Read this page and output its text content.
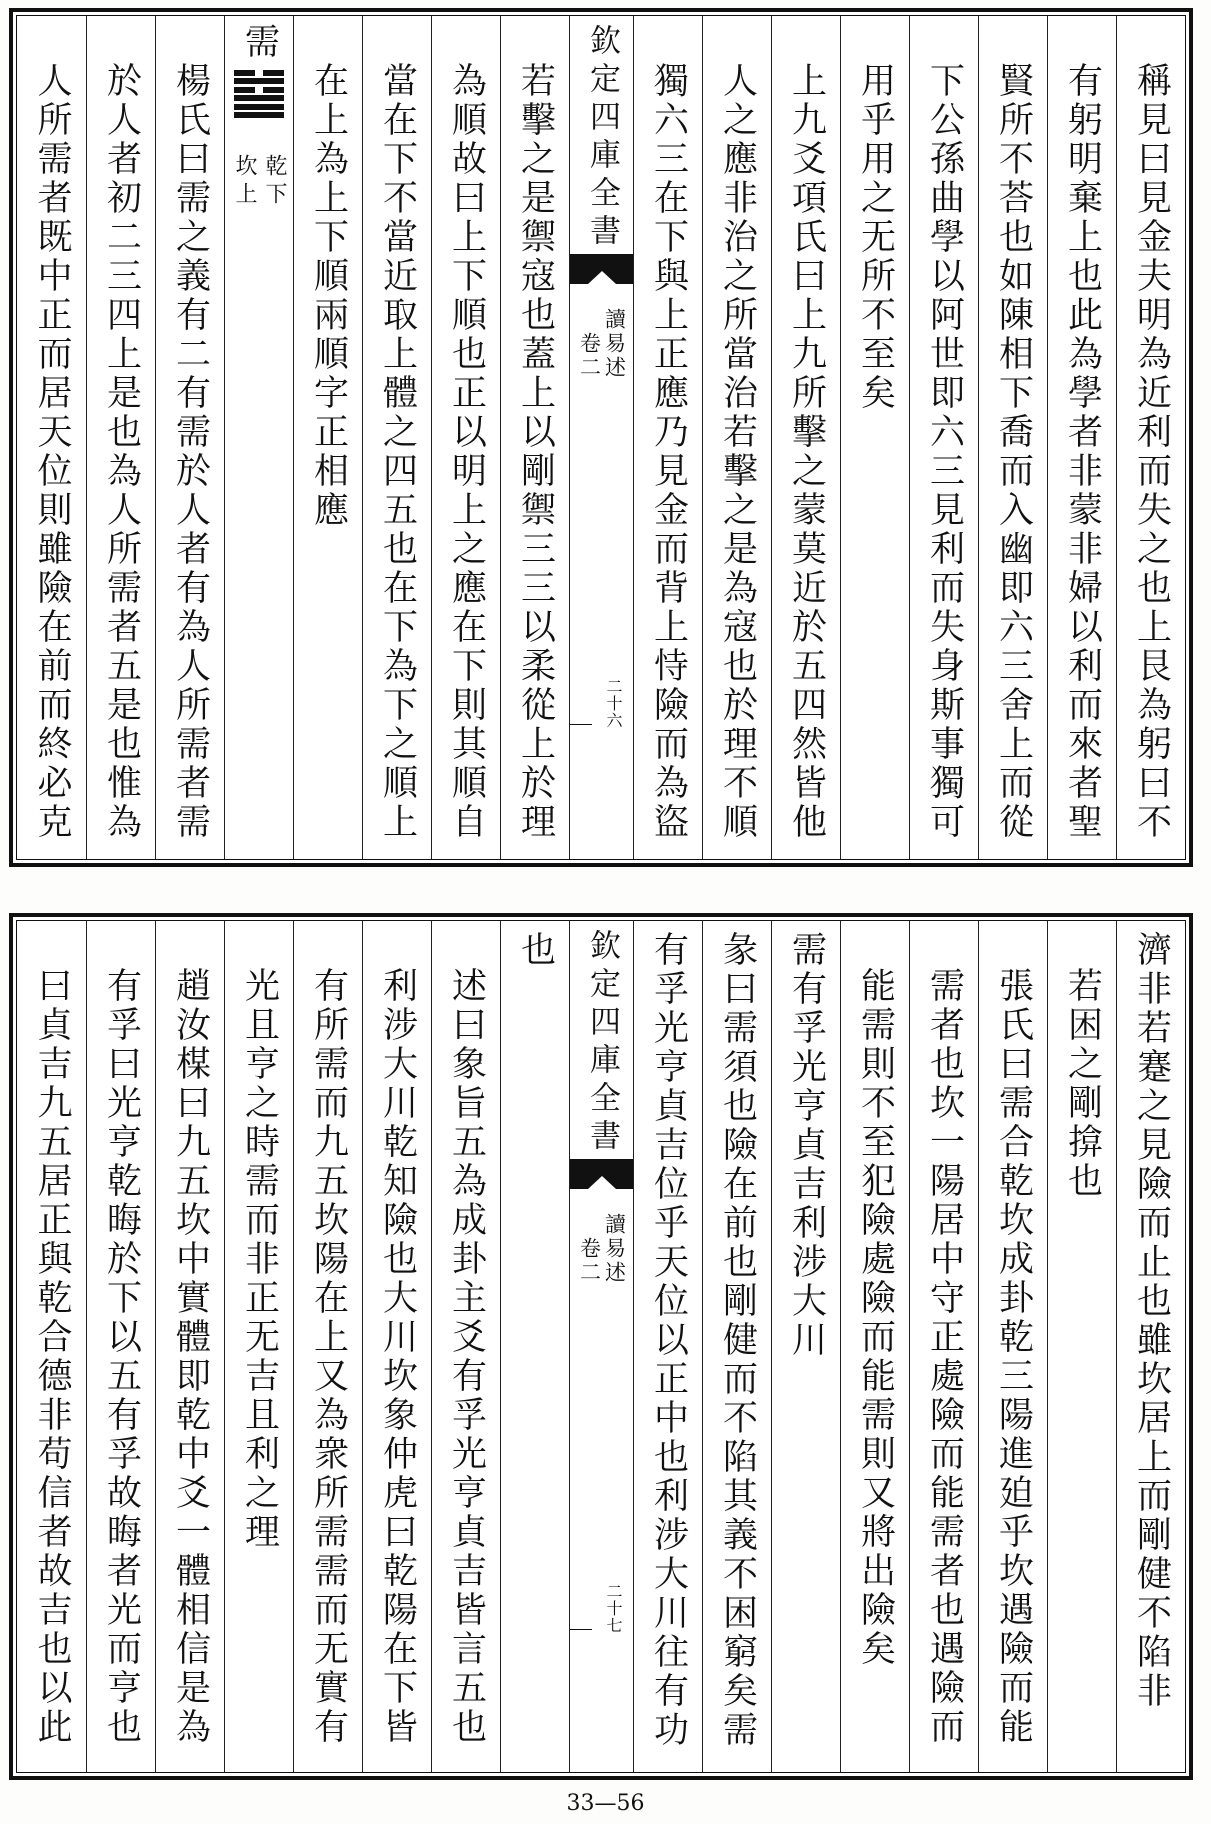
稱見曰見金夫明為近利而失之也上艮為躬曰不
有躬明棄上也此為學者非蒙非婦以利而來者聖
賢所不荅也如陳相下喬而入幽即六三舍上而從
下公孫曲學以阿世即六三見利而失身斯事獨可
用乎用之无所不至矣
上九爻項氏曰上九所擊之蒙莫近於五四然皆他
人之應非治之所當治若擊之是為寇也於理不順
獨六三在下與上正應乃見金而背上恃險而為盜
欽定四庫全書
讀易述
卷二
二十六
若擊之是禦寇也蓋上以剛禦三三以柔從上於理
為順故曰上下順也正以明上之應在下則其順自
當在下不當近取上體之四五也在下為下之順上
在上為上下順兩順字正相應
需
乾下
坎上
楊氏曰需之義有二有需於人者有為人所需者需
於人者初二三四上是也為人所需者五是也惟為
人所需者既中正而居天位則雖險在前而終必克
濟非若蹇之見險而止也雖坎居上而剛健不陷非
若困之剛揜也
張氏曰需合乾坎成卦乾三陽進廹乎坎遇險而能
需者也坎一陽居中守正處險而能需者也遇險而
能需則不至犯險處險而能需則又將出險矣
需有孚光亨貞吉利涉大川
彖曰需須也險在前也剛健而不陷其義不困窮矣需
有孚光亨貞吉位乎天位以正中也利涉大川往有功
欽定四庫全書
讀易述
卷二
二十七
也
述曰象旨五為成卦主爻有孚光亨貞吉皆言五也
利涉大川乾知險也大川坎象仲虎曰乾陽在下皆
有所需而九五坎陽在上又為衆所需需而无實有
光且亨之時需而非正无吉且利之理
趙汝楳曰九五坎中實體即乾中爻一體相信是為
有孚曰光亨乾晦於下以五有孚故晦者光而亨也
曰貞吉九五居正與乾合德非苟信者故吉也以此
33—56
